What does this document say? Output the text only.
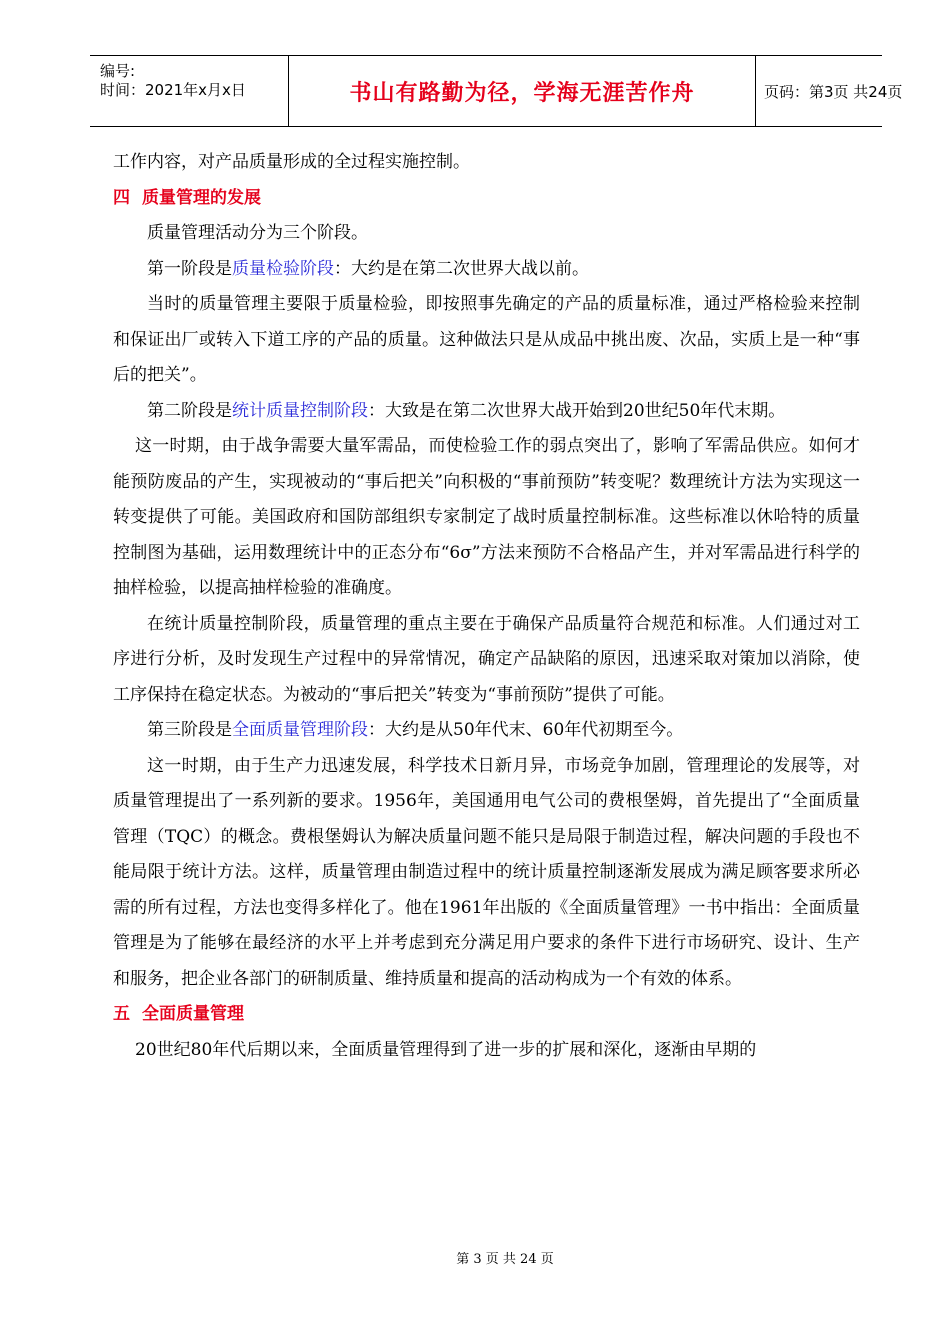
编号:
时间：2021年x月x日	书山有路勤为径，学海无涯苦作舟	页码：第3页 共24页

工作内容，对产品质量形成的全过程实施控制。

四 质量管理的发展

质量管理活动分为三个阶段。

第一阶段是质量检验阶段：大约是在第二次世界大战以前。

当时的质量管理主要限于质量检验，即按照事先确定的产品的质量标准，通过严格检验来控制和保证出厂或转入下道工序的产品的质量。这种做法只是从成品中挑出废、次品，实质上是一种“事后的把关”。

第二阶段是统计质量控制阶段：大致是在第二次世界大战开始到20世纪50年代末期。

这一时期，由于战争需要大量军需品，而使检验工作的弱点突出了，影响了军需品供应。如何才能预防废品的产生，实现被动的“事后把关”向积极的“事前预防”转变呢？数理统计方法为实现这一转变提供了可能。美国政府和国防部组织专家制定了战时质量控制标准。这些标准以休哈特的质量控制图为基础，运用数理统计中的正态分布“6σ”方法来预防不合格品产生，并对军需品进行科学的抽样检验，以提高抽样检验的准确度。

在统计质量控制阶段，质量管理的重点主要在于确保产品质量符合规范和标准。人们通过对工序进行分析，及时发现生产过程中的异常情况，确定产品缺陷的原因，迅速采取对策加以消除，使工序保持在稳定状态。为被动的“事后把关”转变为“事前预防”提供了可能。

第三阶段是全面质量管理阶段：大约是从50年代末、60年代初期至今。

这一时期，由于生产力迅速发展，科学技术日新月异，市场竞争加剧，管理理论的发展等，对质量管理提出了一系列新的要求。1956年，美国通用电气公司的费根堡姆，首先提出了“全面质量管理（TQC）的概念。费根堡姆认为解决质量问题不能只是局限于制造过程，解决问题的手段也不能局限于统计方法。这样，质量管理由制造过程中的统计质量控制逐渐发展成为满足顾客要求所必需的所有过程，方法也变得多样化了。他在1961年出版的《全面质量管理》一书中指出：全面质量管理是为了能够在最经济的水平上并考虑到充分满足用户要求的条件下进行市场研究、设计、生产和服务，把企业各部门的研制质量、维持质量和提高的活动构成为一个有效的体系。

五 全面质量管理

20世纪80年代后期以来，全面质量管理得到了进一步的扩展和深化，逐渐由早期的

第 3 页 共 24 页
